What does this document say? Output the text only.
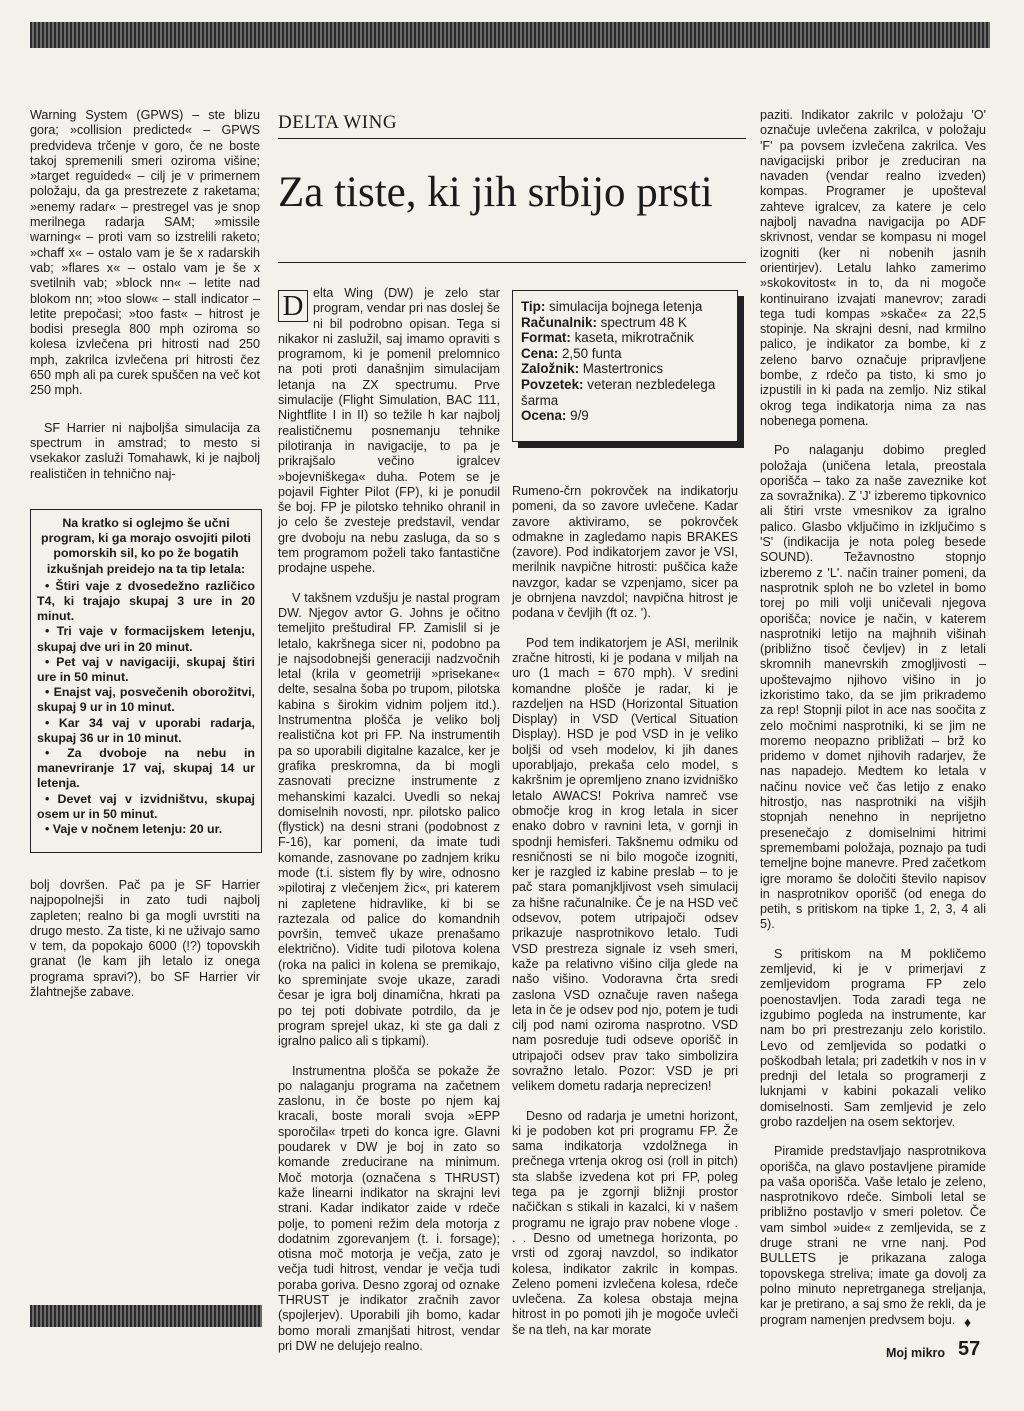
Warning System (GPWS) – ste blizu gora; »collision predicted« – GPWS predvideva trčenje v goro, če ne boste takoj spremenili smeri oziroma višine; »target reguided« – cilj je v primernem položaju, da ga prestrezete z raketama; »enemy radar« – prestregel vas je snop merilnega radarja SAM; »missile warning« – proti vam so izstrelili raketo; »chaff x« – ostalo vam je še x radarskih vab; »flares x« – ostalo vam je še x svetilnih vab; »block nn« – letite nad blokom nn; »too slow« – stall indicator – letite prepočasi; »too fast« – hitrost je bodisi presegla 800 mph oziroma so kolesa izvlečena pri hitrosti nad 250 mph, zakrilca izvlečena pri hitrosti čez 650 mph ali pa curek spuščen na več kot 250 mph.

SF Harrier ni najboljša simulacija za spectrum in amstrad; to mesto si vsekakor zasluži Tomahawk, ki je najbolj realističen in tehnično naj-

Na kratko si oglejmo še učni program, ki ga morajo osvojiti piloti pomorskih sil, ko po že bogatih izkušnjah preidejo na ta tip letala:
• Štiri vaje z dvosedežno različico T4, ki trajajo skupaj 3 ure in 20 minut.
• Tri vaje v formacijskem letenju, skupaj dve uri in 20 minut.
• Pet vaj v navigaciji, skupaj štiri ure in 50 minut.
• Enajst vaj, posvečenih oborožitvi, skupaj 9 ur in 10 minut.
• Kar 34 vaj v uporabi radarja, skupaj 36 ur in 10 minut.
• Za dvoboje na nebu in manevriranje 17 vaj, skupaj 14 ur letenja.
• Devet vaj v izvidništvu, skupaj osem ur in 50 minut.
• Vaje v nočnem letenju: 20 ur.

bolj dovršen. Pač pa je SF Harrier najpopolnejši in zato tudi najbolj zapleten; realno bi ga mogli uvrstiti na drugo mesto. Za tiste, ki ne uživajo samo v tem, da popokajo 6000 (!?) topovskih granat (le kam jih letalo iz onega programa spravi?), bo SF Harrier vir žlahtnejše zabave.

DELTA WING
Za tiste, ki jih srbijo prsti

D elta Wing (DW) je zelo star program, vendar pri nas doslej še ni bil podrobno opisan. Tega si nikakor ni zaslužil, saj imamo opraviti s programom, ki je pomenil prelomnico na poti proti današnjim simulacijam letanja na ZX spectrumu. Prve simulacije (Flight Simulation, BAC 111, Nightflite I in II) so težile h kar najbolj realističnemu posnemanju tehnike pilotiranja in navigacije, to pa je prikrajšalo večino igralcev »bojevniškega« duha. Potem se je pojavil Fighter Pilot (FP), ki je ponudil še boj. FP je pilotsko tehniko ohranil in jo celo še zvesteje predstavil, vendar gre dvoboju na nebu zasluga, da so s tem programom poželi tako fantastične prodajne uspehe.

V takšnem vzdušju je nastal program DW. Njegov avtor G. Johns je očitno temeljito preštudiral FP. Zamislil si je letalo, kakršnega sicer ni, podobno pa je najsodobnejši generaciji nadzvočnih letal (krila v geometriji »prisekane« delte, sesalna šoba po trupom, pilotska kabina s širokim vidnim poljem itd.). Instrumentna plošča je veliko bolj realistična kot pri FP. Na instrumentih pa so uporabili digitalne kazalce, ker je grafika preskromna, da bi mogli zasnovati precizne instrumente z mehanskimi kazalci. Uvedli so nekaj domiselnih novosti, npr. pilotsko palico (flystick) na desni strani (podobnost z F-16), kar pomeni, da imate tudi komande, zasnovane po zadnjem kriku mode (t.i. sistem fly by wire, odnosno »pilotiraj z vlečenjem žic«, pri katerem ni zapletene hidravlike, ki bi se raztezala od palice do komandnih površin, temveč ukaze prenašamo električno). Vidite tudi pilotova kolena (roka na palici in kolena se premikajo, ko spreminjate svoje ukaze, zaradi česar je igra bolj dinamična, hkrati pa po tej poti dobivate potrdilo, da je program sprejel ukaz, ki ste ga dali z igralno palico ali s tipkami).

Instrumentna plošča se pokaže že po nalaganju programa na začetnem zaslonu, in če boste po njem kaj kracali, boste morali svoja »EPP sporočila« trpeti do konca igre. Glavni poudarek v DW je boj in zato so komande zreducirane na minimum. Moč motorja (označena s THRUST) kaže linearni indikator na skrajni levi strani. Kadar indikator zaide v rdeče polje, to pomeni režim dela motorja z dodatnim zgorevanjem (t. i. forsage); otisna moč motorja je večja, zato je večja tudi hitrost, vendar je večja tudi poraba goriva. Desno zgoraj od oznake THRUST je indikator zračnih zavor (spojlerjev). Uporabili jih bomo, kadar bomo morali zmanjšati hitrost, vendar pri DW ne delujejo realno.

Tip: simulacija bojnega letenja
Računalnik: spectrum 48 K
Format: kaseta, mikrotračnik
Cena: 2,50 funta
Založnik: Mastertronics
Povzetek: veteran nezbledelega šarma
Ocena: 9/9

Rumeno-črn pokrovček na indikatorju pomeni, da so zavore uvlečene. Kadar zavore aktiviramo, se pokrovček odmakne in zagledamo napis BRAKES (zavore). Pod indikatorjem zavor je VSI, merilnik navpične hitrosti: puščica kaže navzgor, kadar se vzpenjamo, sicer pa je obrnjena navzdol; navpična hitrost je podana v čevljih (ft oz. ').

Pod tem indikatorjem je ASI, merilnik zračne hitrosti, ki je podana v miljah na uro (1 mach = 670 mph). V sredini komandne plošče je radar, ki je razdeljen na HSD (Horizontal Situation Display) in VSD (Vertical Situation Display). HSD je pod VSD in je veliko boljši od vseh modelov, ki jih danes uporabljajo, prekaša celo model, s kakršnim je opremljeno znano izvidniško letalo AWACS! Pokriva namreč vse območje krog in krog letala in sicer enako dobro v ravnini leta, v gornji in spodnji hemisferi. Takšnemu odmiku od resničnosti se ni bilo mogoče izogniti, ker je razgled iz kabine preslab – to je pač stara pomanjkljivost vseh simulacij za hišne računalnike. Če je na HSD več odsevov, potem utripajoči odsev prikazuje nasprotnikovo letalo. Tudi VSD prestreza signale iz vseh smeri, kaže pa relativno višino cilja glede na našo višino. Vodoravna črta sredi zaslona VSD označuje raven našega leta in če je odsev pod njo, potem je tudi cilj pod nami oziroma nasprotno. VSD nam posreduje tudi odsevе oporišč in utripajoči odsev prav tako simbolizira sovražno letalo. Pozor: VSD je pri velikem dometu radarja neprecizen!

Desno od radarja je umetni horizont, ki je podoben kot pri programu FP. Že sama indikatorja vzdolžnega in prečnega vrtenja okrog osi (roll in pitch) sta slabše izvedena kot pri FP, poleg tega pa je zgornji bližnji prostor načičkan s stikali in kazalci, ki v našem programu ne igrajo prav nobene vloge . . . Desno od umetnega horizonta, po vrsti od zgoraj navzdol, so indikator kolesa, indikator zakrilc in kompas. Zeleno pomeni izvlečena kolesa, rdeče uvlečena. Za kolesa obstaja mejna hitrost in po pomoti jih je mogoče uvleči še na tleh, na kar morate

paziti. Indikator zakrilc v položaju 'O' označuje uvlečena zakrilca, v položaju 'F' pa povsem izvlečena zakrilca. Ves navigacijski pribor je zreduciran na navaden (vendar realno izveden) kompas. Programer je upošteval zahteve igralcev, za katere je celo najbolj navadna navigacija po ADF skrivnost, vendar se kompasu ni mogel izogniti (ker ni nobenih jasnih orientirjev). Letalu lahko zamerimo »skokovitost« in to, da ni mogoče kontinuirano izvajati manevrov; zaradi tega tudi kompas »skače« za 22,5 stopinje. Na skrajni desni, nad krmilno palico, je indikator za bombe, ki z zeleno barvo označuje pripravljene bombe, z rdečo pa tisto, ki smo jo izpustili in ki pada na zemljo. Niz stikal okrog tega indikatorja nima za nas nobenega pomena.

Po nalaganju dobimo pregled položaja (uničena letala, preostala oporišča – tako za naše zaveznike kot za sovražnika). Z 'J' izberemo tipkovnico ali štiri vrste vmesnikov za igralno palico. Glasbo vključimo in izključimo s 'S' (indikacija je nota poleg besede SOUND). Težavnostno stopnjo izberemo z 'L'. način trainer pomeni, da nasprotnik sploh ne bo vzletel in bomo torej po mili volji uničevali njegova oporišča; novice je način, v katerem nasprotniki letijo na majhnih višinah (približno tisoč čevljev) in z letali skromnih manevrskih zmogljivosti – upoštevajmo njihovo višino in jo izkoristimo tako, da se jim prikrademo za rep! Stopnji pilot in ace nas soočita z zelo močnimi nasprotniki, ki se jim ne moremo neopazno približati – brž ko pridemo v domet njihovih radarjev, že nas napadejo. Medtem ko letala v načinu novice več čas letijo z enako hitrostjo, nas nasprotniki na višjih stopnjah nenehno in neprijetno presenečajo z domiselnimi hitrimi spremembami položaja, poznajo pa tudi temeljne bojne manevre. Pred začetkom igre moramo še določiti število napisov in nasprotnikov oporišč (od enega do petih, s pritiskom na tipke 1, 2, 3, 4 ali 5).

S pritiskom na M pokličemo zemljevid, ki je v primerjavi z zemljevidom programa FP zelo poenostavljen. Toda zaradi tega ne izgubimo pogleda na instrumente, kar nam bo pri prestrezanju zelo koristilo. Levo od zemljevida so podatki o poškodbah letala; pri zadetkih v nos in v prednji del letala so programerji z luknjami v kabini pokazali veliko domiselnosti. Sam zemljevid je zelo grobo razdeljen na osem sektorjev.

Piramide predstavljajo nasprotnikova oporišča, na glavo postavljene piramide pa vaša oporišča. Vaše letalo je zeleno, nasprotnikovo rdeče. Simboli letal se približno postavljo v smeri poletov. Če vam simbol »uide« z zemljevida, se z druge strani ne vrne nanj. Pod BULLETS je prikazana zaloga topovskega streliva; imate ga dovolj za polno minuto nepretrganega streljanja, kar je pretirano, a saj smo že rekli, da je program namenjen predvsem boju. ♦
Moj mikro 57
